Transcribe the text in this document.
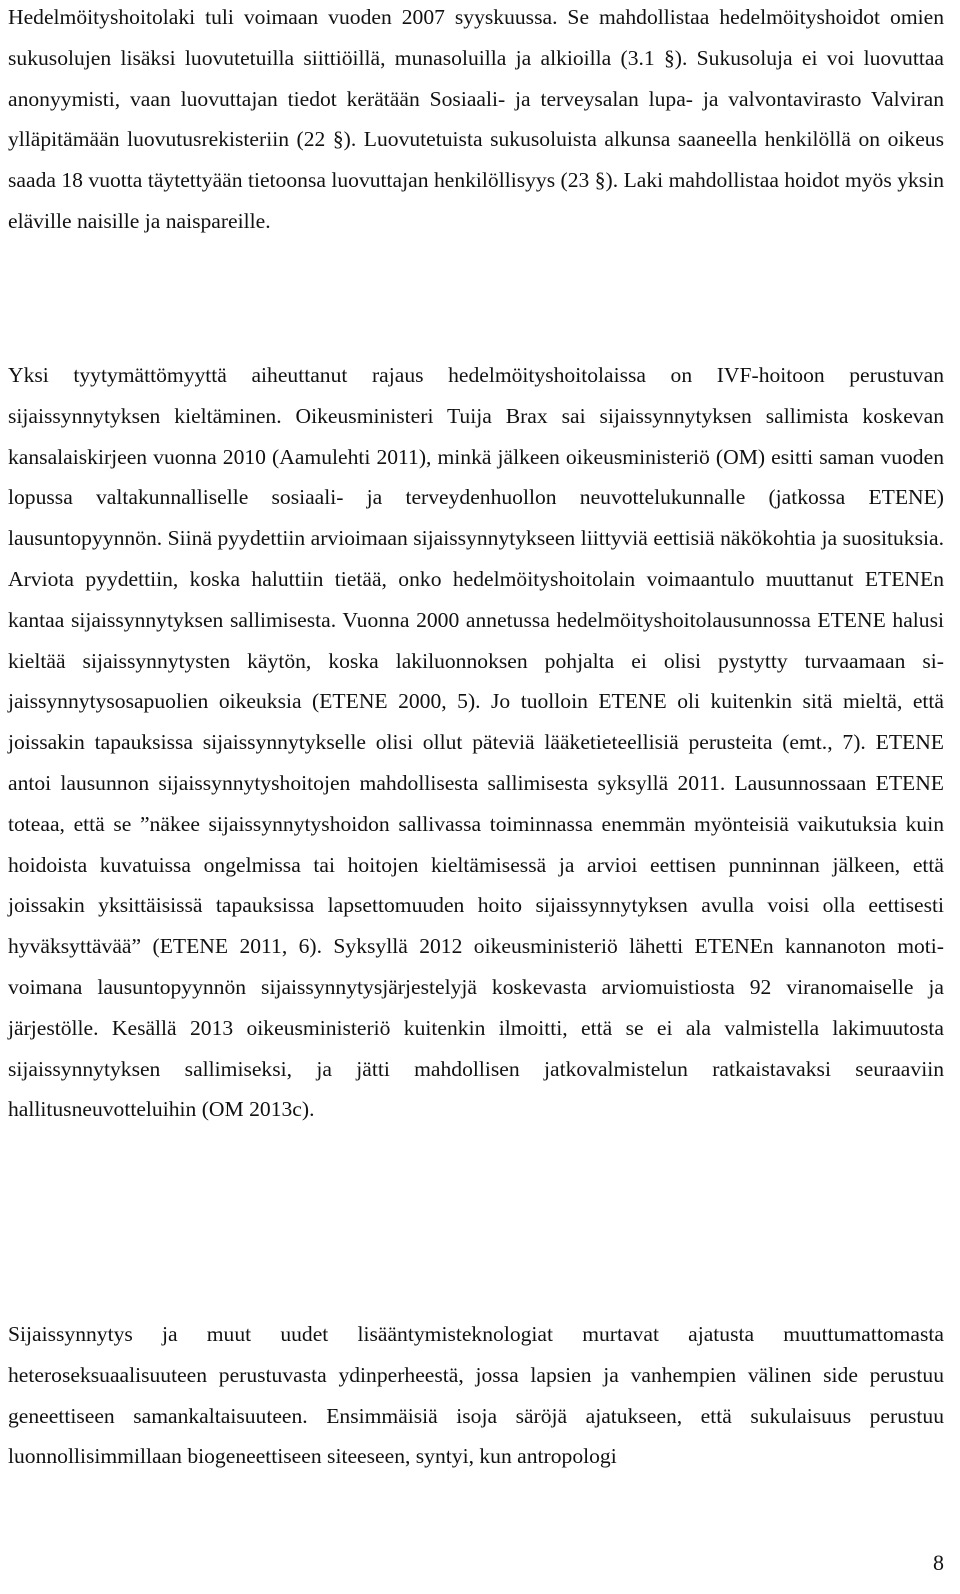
Hedelmöityshoitolaki tuli voimaan vuoden 2007 syyskuussa. Se mahdollistaa hedelmöityshoidot omien sukusolujen lisäksi luovutetuilla siittiöillä, munasoluilla ja alkioilla (3.1 §). Sukusoluja ei voi luovuttaa anonyymisti, vaan luovuttajan tiedot kerätään Sosiaali- ja terveysalan lupa- ja valvontavirasto Valviran ylläpitämään luovutusrekisteriin (22 §). Luovutetuista sukusoluista alkunsa saaneella henkilöllä on oikeus saada 18 vuotta täytettyään tietoonsa luovuttajan henkilöllisyys (23 §). Laki mahdollistaa hoidot myös yksin eläville naisille ja naispareille.

Yksi tyytymättömyyttä aiheuttanut rajaus hedelmöityshoitolaissa on IVF-hoitoon perustuvan sijaissynnytyksen kieltäminen. Oikeusministeri Tuija Brax sai sijaissynnytyksen sallimista koskevan kansalaiskirjeen vuonna 2010 (Aamulehti 2011), minkä jälkeen oikeusministeriö (OM) esitti saman vuoden lopussa valtakunnalliselle sosiaali- ja terveydenhuollon neuvottelukunnalle (jatkossa ETENE) lausuntopyynnön. Siinä pyydettiin arvioimaan sijaissynnytykseen liittyviä eettisiä näkökohtia ja suosituksia. Arviota pyydettiin, koska haluttiin tietää, onko hedelmöityshoitolain voimaantulo muuttanut ETENEn kantaa sijaissynnytyksen sallimisesta. Vuonna 2000 annetussa hedelmöityshoitolausunnossa ETENE halusi kieltää sijaissynnytysten käytön, koska lakiluonnoksen pohjalta ei olisi pystytty turvaamaan sijaissynnytysosapuolien oikeuksia (ETENE 2000, 5). Jo tuolloin ETENE oli kuitenkin sitä mieltä, että joissakin tapauksissa sijaissynnytykselle olisi ollut päteviä lääketieteellisiä perusteita (emt., 7). ETENE antoi lausunnon sijaissynnytyshoitojen mahdollisesta sallimisesta syksyllä 2011. Lausunnossaan ETENE toteaa, että se ”näkee sijaissynnytyshoidon sallivassa toiminnassa enemmän myönteisiä vaikutuksia kuin hoidoista kuvatuissa ongelmissa tai hoitojen kieltämisessä ja arvioi eettisen punninnan jälkeen, että joissakin yksittäisissä tapauksissa lapsettomuuden hoito sijaissynnytyksen avulla voisi olla eettisesti hyväksyttävää” (ETENE 2011, 6). Syksyllä 2012 oikeusministeriö lähetti ETENEn kannanoton motivoimana lausuntopyynnön sijaissynnytysjärjestelyjä koskevasta arviomuistiosta 92 viranomaiselle ja järjestölle. Kesällä 2013 oikeusministeriö kuitenkin ilmoitti, että se ei ala valmistella lakimuutosta sijaissynnytyksen sallimiseksi, ja jätti mahdollisen jatkovalmistelun ratkaistavaksi seuraaviin hallitusneuvotteluihin (OM 2013c).

Sijaissynnytys ja muut uudet lisääntymisteknologiat murtavat ajatusta muuttumattomasta heteroseksuaalisuuteen perustuvasta ydinperheestä, jossa lapsien ja vanhempien välinen side perustuu geneettiseen samankaltaisuuteen. Ensimmäisiä isoja säröjä ajatukseen, että sukulaisuus perustuu luonnollisimmillaan biogeneettiseen siteeseen, syntyi, kun antropologi

8
